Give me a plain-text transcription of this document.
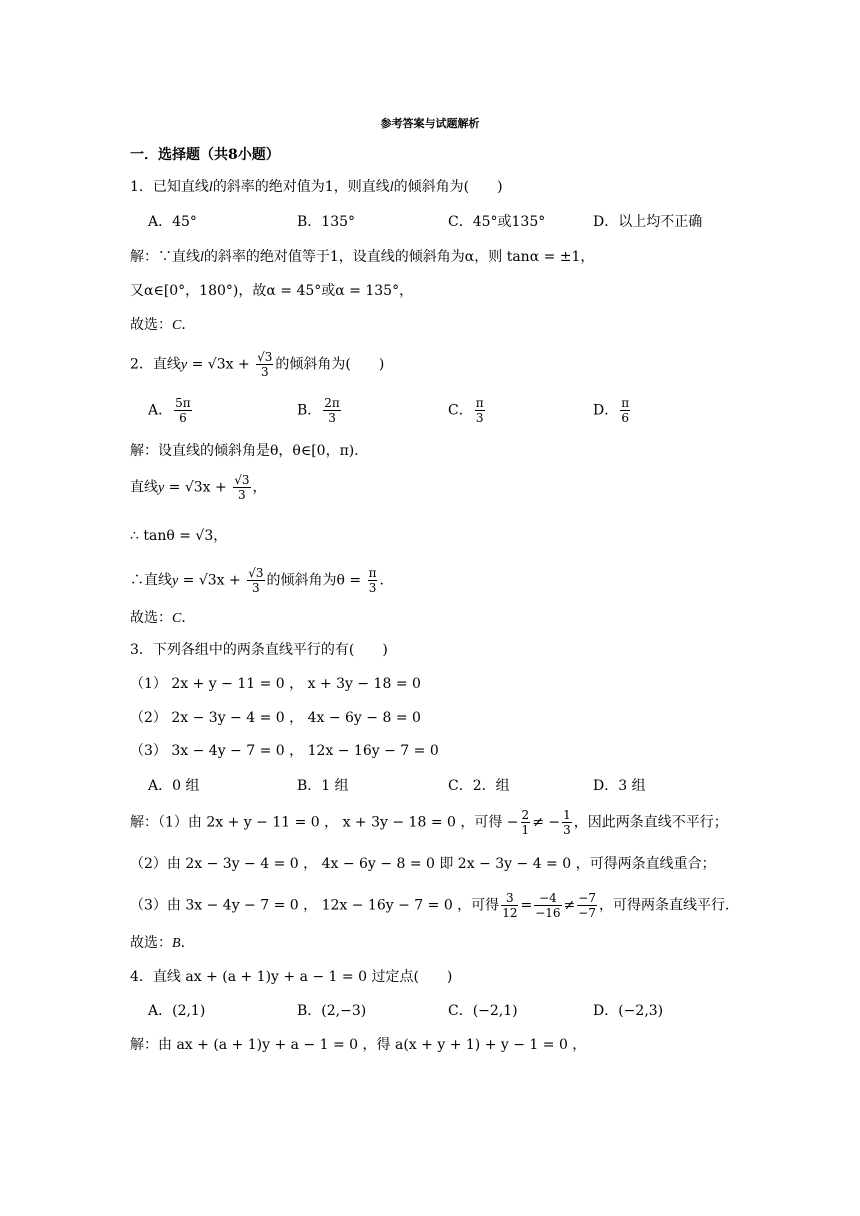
参考答案与试题解析
一．选择题（共8小题）
1．已知直线l的斜率的绝对值为1，则直线l的倾斜角为(　　)
A．45°	B．135°	C．45°或135°	D．以上均不正确
解：∵直线l的斜率的绝对值等于1，设直线的倾斜角为α，则 tanα = ±1，
又α∈[0°，180°)，故α = 45°或α = 135°，
故选：C．
2．直线$y = √3x + \frac{√3}{3}$ 的倾斜角为(　　)
A． $\frac{5\pi}{6}$	B． $\frac{2\pi}{3}$	C． $\frac{\pi}{3}$	D． $\frac{\pi}{6}$
解：设直线的倾斜角是θ，θ∈[0，π)．
直线$y = √3x + \frac{√3}{3}$ ，
∴ tanθ = √3，
∴直线$y = √3x + \frac{√3}{3}$ 的倾斜角为$\theta = \frac{\pi}{3}$ ．
故选：C．
3．下列各组中的两条直线平行的有(　　)
（1） 2x + y − 11 = 0 ， x + 3y − 18 = 0
（2） 2x − 3y − 4 = 0 ， 4x − 6y − 8 = 0
（3） 3x − 4y − 7 = 0 ， 12x − 16y − 7 = 0
A．0 组	B．1 组	C．2．组	D．3 组
解：（1）由 2x + y − 11 = 0 ， x + 3y − 18 = 0 ，可得 − $\frac{2}{1}$ ≠ − $\frac{1}{3}$ ，因此两条直线不平行；
（2）由 2x − 3y − 4 = 0 ， 4x − 6y − 8 = 0 即 2x − 3y − 4 = 0 ，可得两条直线重合；
（3）由 3x − 4y − 7 = 0 ， 12x − 16y − 7 = 0 ，可得 $\frac{3}{12} = \frac{-4}{-16} \ne \frac{-7}{-7}$ ，可得两条直线平行．
故选：B．
4．直线 ax + (a + 1)y + a − 1 = 0 过定点(　　)
A．(2,1)	B．(2,−3)	C．(−2,1)	D．(−2,3)
解：由 ax + (a + 1)y + a − 1 = 0 ，得 a(x + y + 1) + y − 1 = 0 ，
